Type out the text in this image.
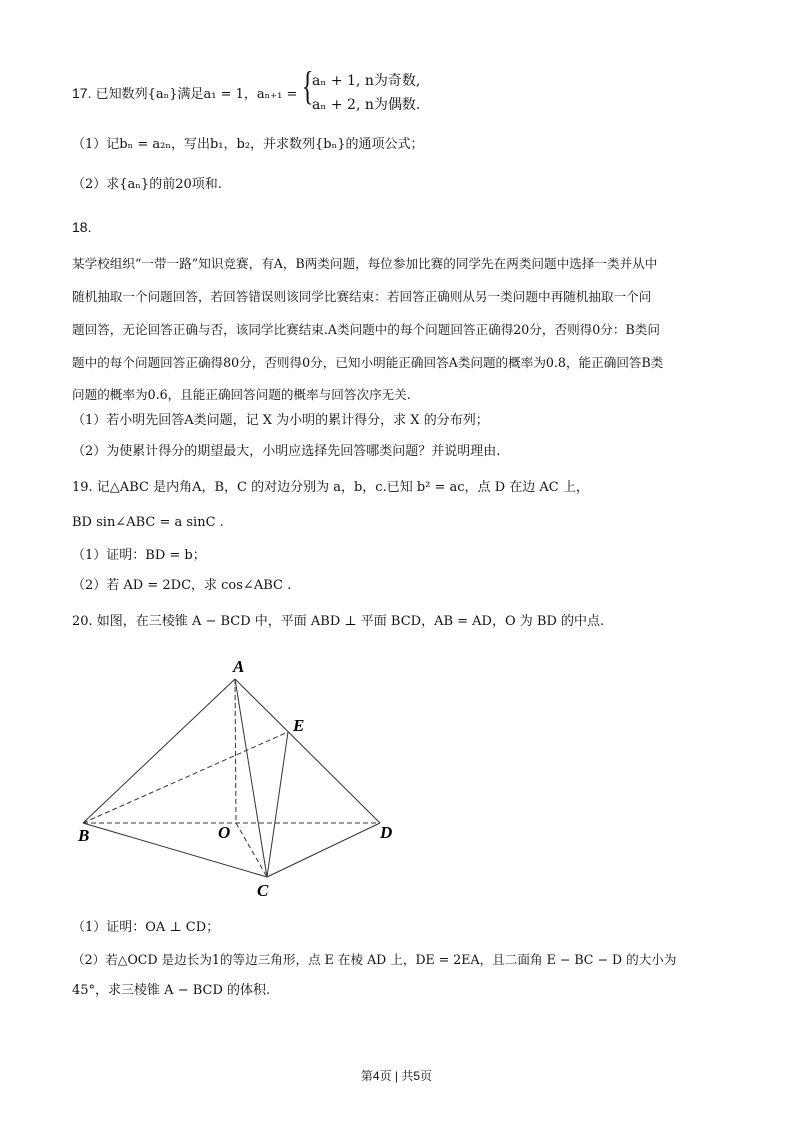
17. 已知数列{aₙ}满足a₁ = 1，aₙ₊₁ = {
aₙ + 1, n为奇数,
aₙ + 2, n为偶数.
（1）记bₙ = a₂ₙ，写出b₁，b₂，并求数列{bₙ}的通项公式；
（2）求{aₙ}的前20项和.
18.
某学校组织“一带一路”知识竞赛，有A，B两类问题，每位参加比赛的同学先在两类问题中选择一类并从中
随机抽取一个问题回答，若回答错误则该同学比赛结束：若回答正确则从另一类问题中再随机抽取一个问
题回答，无论回答正确与否，该同学比赛结束.A类问题中的每个问题回答正确得20分，否则得0分：B类问
题中的每个问题回答正确得80分，否则得0分，已知小明能正确回答A类问题的概率为0.8，能正确回答B类
问题的概率为0.6，且能正确回答问题的概率与回答次序无关.
（1）若小明先回答A类问题，记 X 为小明的累计得分，求 X 的分布列；
（2）为使累计得分的期望最大，小明应选择先回答哪类问题？并说明理由.
19. 记△ABC 是内角A，B，C 的对边分别为 a，b，c.已知 b² = ac，点 D 在边 AC 上，
BD sin∠ABC = a sinC .
（1）证明：BD = b；
（2）若 AD = 2DC，求 cos∠ABC .
20. 如图，在三棱锥 A − BCD 中，平面 ABD ⊥ 平面 BCD，AB = AD，O 为 BD 的中点.
A
E
B	O	D
C
（1）证明：OA ⊥ CD；
（2）若△OCD 是边长为1的等边三角形，点 E 在棱 AD 上，DE = 2EA，且二面角 E − BC − D 的大小为
45°，求三棱锥 A − BCD 的体积.
第4页 | 共5页
